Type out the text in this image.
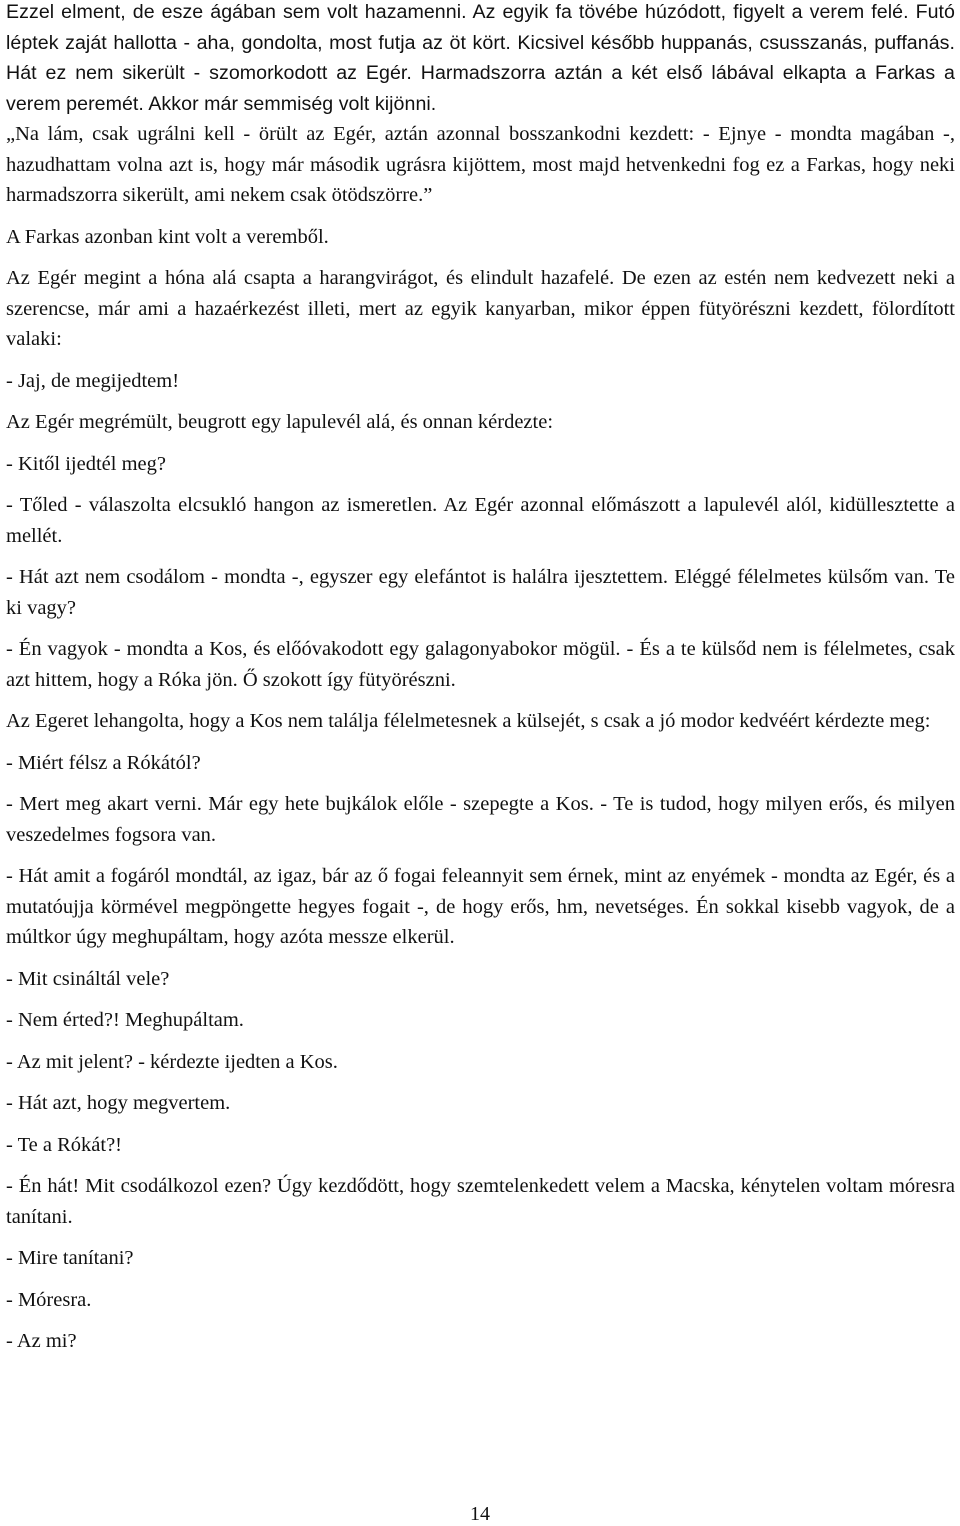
Ezzel elment, de esze ágában sem volt hazamenni. Az egyik fa tövébe húzódott, figyelt a verem felé. Futó léptek zaját hallotta - aha, gondolta, most futja az öt kört. Kicsivel később huppanás, csusszanás, puffanás. Hát ez nem sikerült - szomorkodott az Egér. Harmadszorra aztán a két első lábával elkapta a Farkas a verem peremét. Akkor már semmiség volt kijönni.

„Na lám, csak ugrálni kell - örült az Egér, aztán azonnal bosszankodni kezdett: - Ejnye - mondta magában -, hazudhattam volna azt is, hogy már második ugrásra kijöttem, most majd hetvenkedni fog ez a Farkas, hogy neki harmadszorra sikerült, ami nekem csak ötödszörre.”

A Farkas azonban kint volt a veremből.

Az Egér megint a hóna alá csapta a harangvirágot, és elindult hazafelé. De ezen az estén nem kedvezett neki a szerencse, már ami a hazaérkezést illeti, mert az egyik kanyarban, mikor éppen fütyörészni kezdett, fölordított valaki:

- Jaj, de megijedtem!

Az Egér megrémült, beugrott egy lapulevél alá, és onnan kérdezte:

- Kitől ijedtél meg?

- Tőled - válaszolta elcsukló hangon az ismeretlen. Az Egér azonnal előmászott a lapulevél alól, kidüllesztette a mellét.

- Hát azt nem csodálom - mondta -, egyszer egy elefántot is halálra ijesztettem. Eléggé félelmetes külsőm van. Te ki vagy?

- Én vagyok - mondta a Kos, és előóvakodott egy galagonyabokor mögül. - És a te külsőd nem is félelmetes, csak azt hittem, hogy a Róka jön. Ő szokott így fütyörészni.

Az Egeret lehangolta, hogy a Kos nem találja félelmetesnek a külsejét, s csak a jó modor kedvéért kérdezte meg:

- Miért félsz a Rókától?

- Mert meg akart verni. Már egy hete bujkálok előle - szepegte a Kos. - Te is tudod, hogy milyen erős, és milyen veszedelmes fogsora van.

- Hát amit a fogáról mondtál, az igaz, bár az ő fogai feleannyit sem érnek, mint az enyémek - mondta az Egér, és a mutatóujja körmével megpöngette hegyes fogait -, de hogy erős, hm, nevetséges. Én sokkal kisebb vagyok, de a múltkor úgy meghupáltam, hogy azóta messze elkerül.

- Mit csináltál vele?

- Nem érted?! Meghupáltam.

- Az mit jelent? - kérdezte ijedten a Kos.

- Hát azt, hogy megvertem.

- Te a Rókát?!

- Én hát! Mit csodálkozol ezen? Úgy kezdődött, hogy szemtelenkedett velem a Macska, kénytelen voltam móresra tanítani.

- Mire tanítani?

- Móresra.

- Az mi?

14
